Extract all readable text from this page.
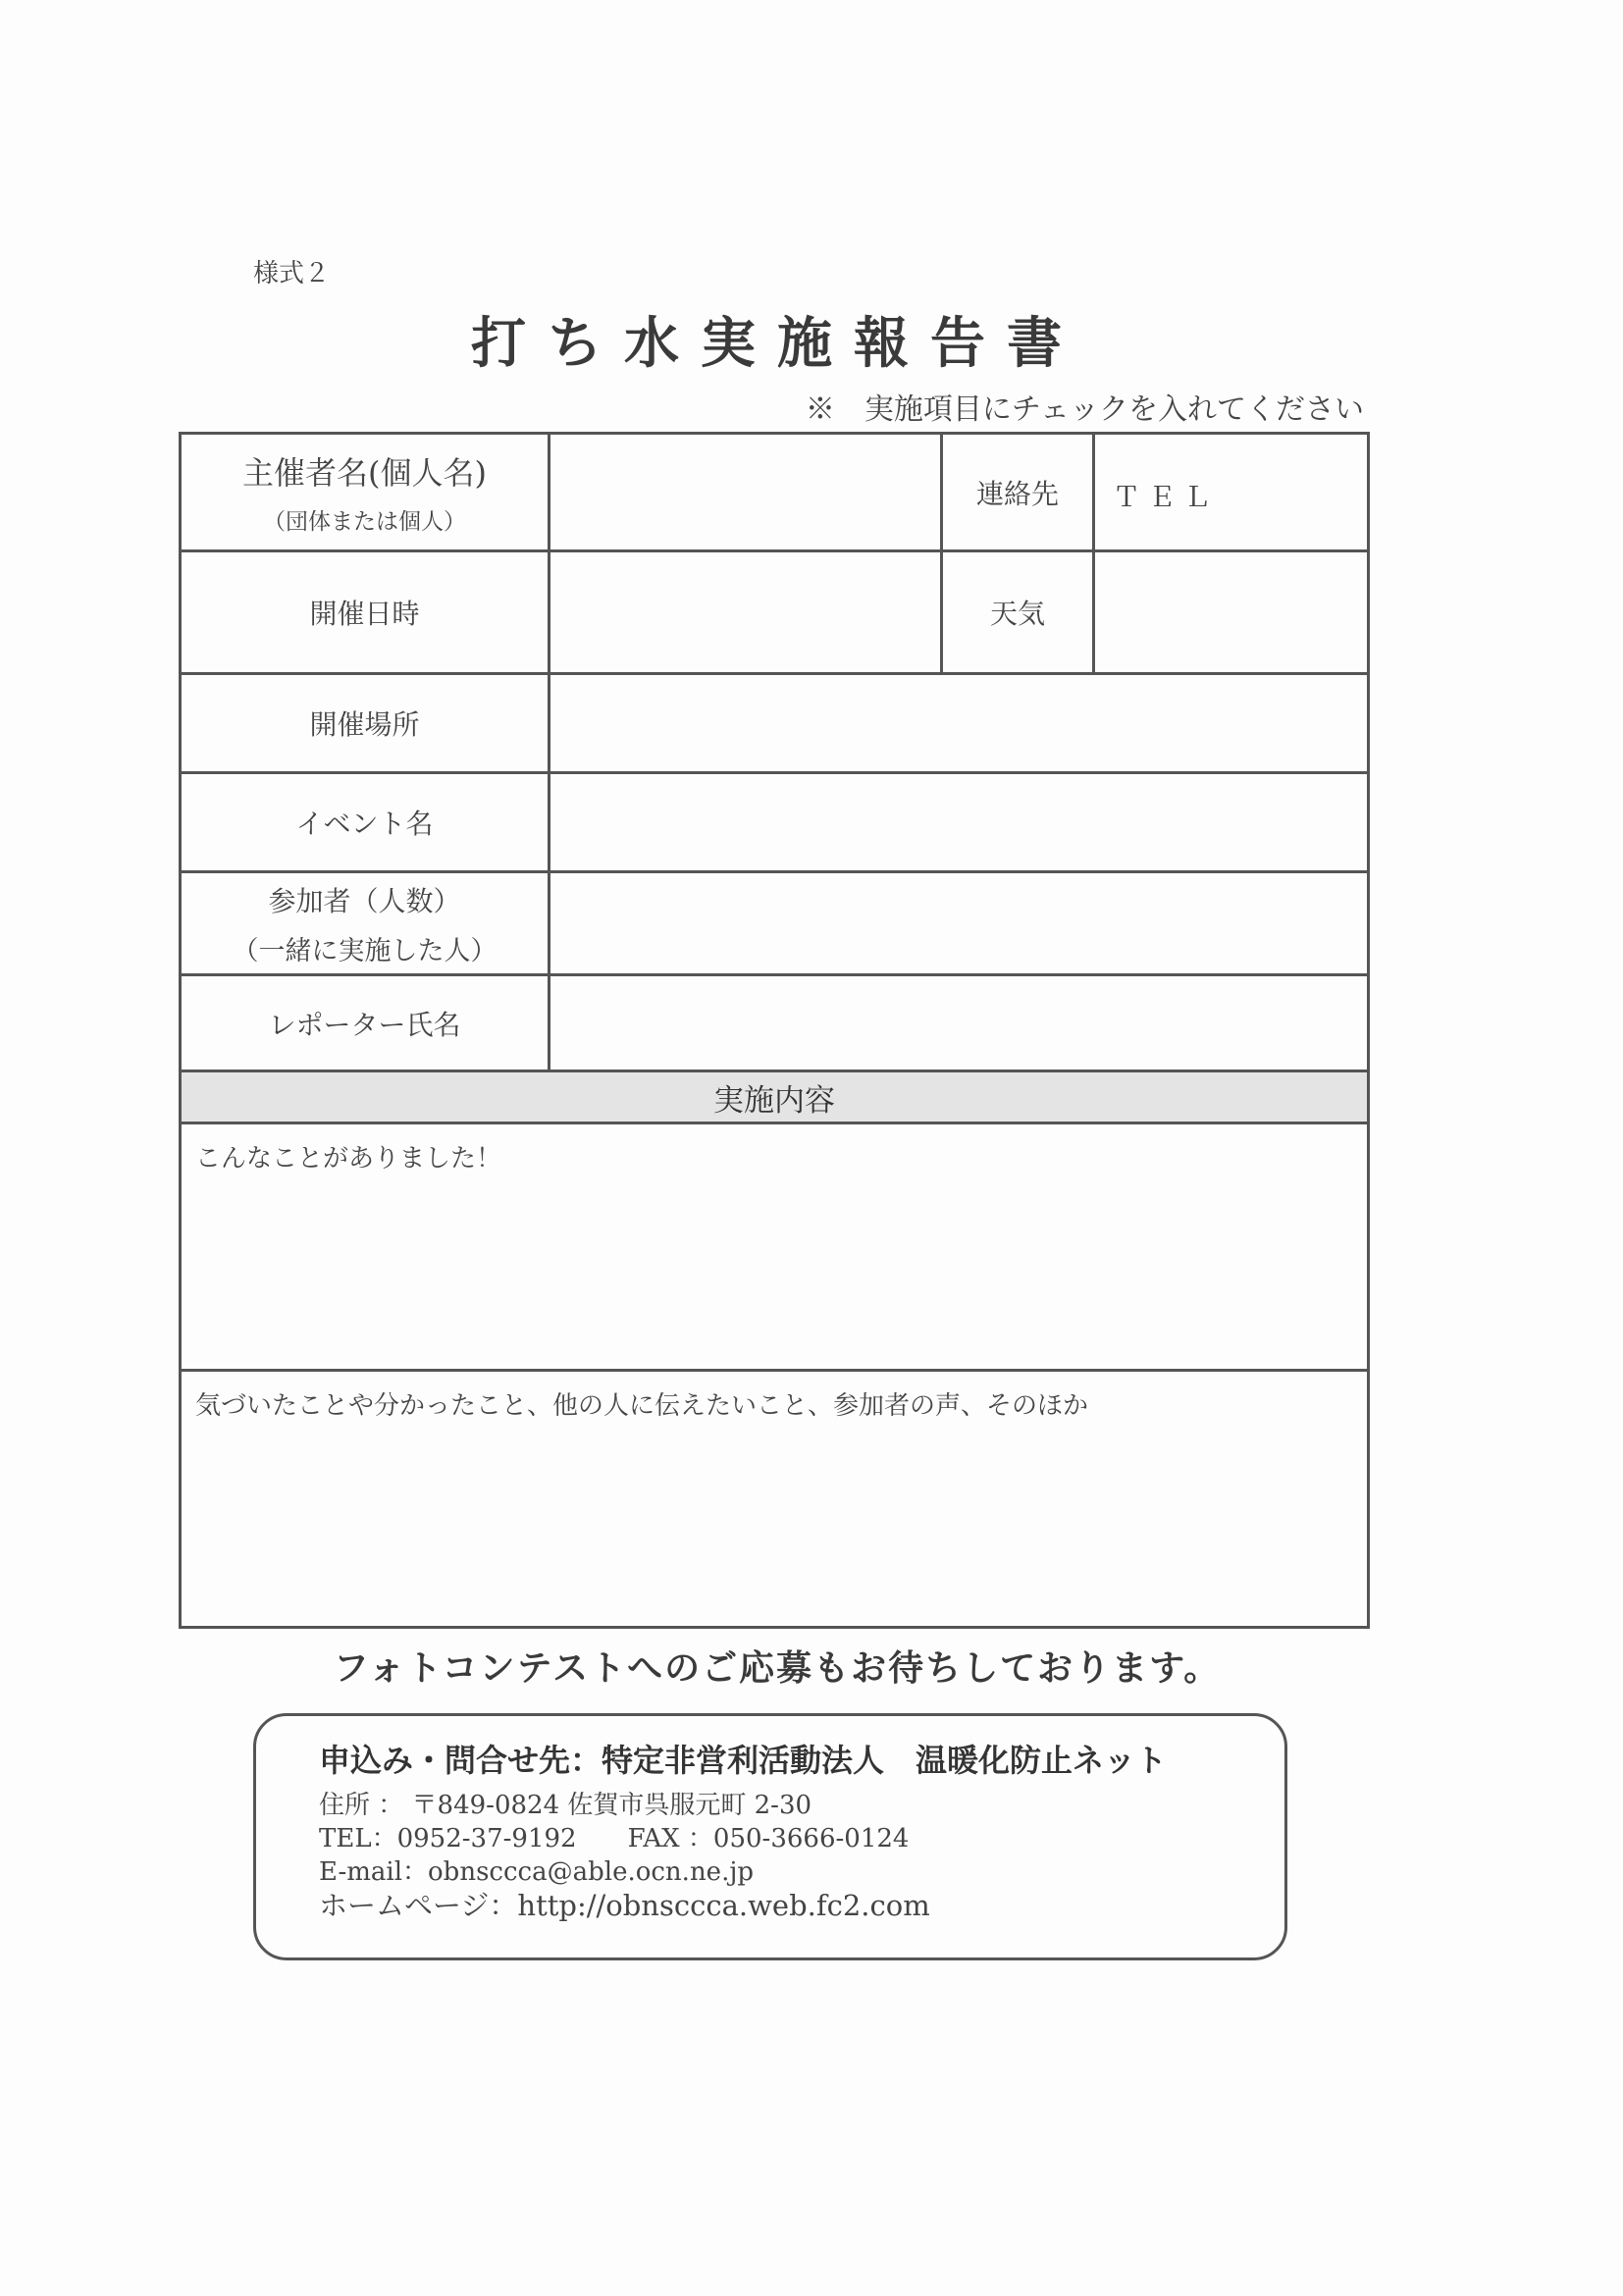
様式２
打ち水実施報告書
※　実施項目にチェックを入れてください
主催者名(個人名)
（団体または個人）
連絡先	ＴＥＬ
開催日時	天気
開催場所
イベント名
参加者（人数）
（一緒に実施した人）
レポーター氏名
実施内容
こんなことがありました！
気づいたことや分かったこと、他の人に伝えたいこと、参加者の声、そのほか
フォトコンテストへのご応募もお待ちしております。
申込み・問合せ先：特定非営利活動法人　温暖化防止ネット
住所 ： 〒849-0824 佐賀市呉服元町 2-30
TEL：0952-37-9192　　FAX ：050-3666-0124
E-mail：obnsccca@able.ocn.ne.jp
ホームページ：http://obnsccca.web.fc2.com
